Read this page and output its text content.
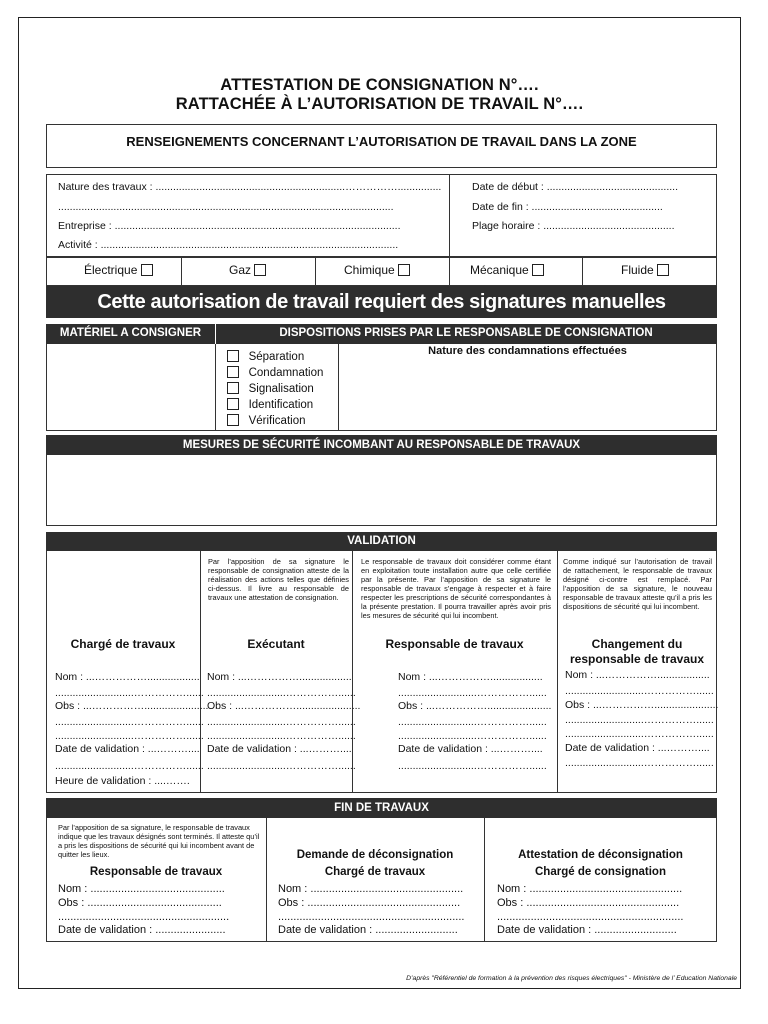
ATTESTATION DE CONSIGNATION N°….
RATTACHÉE À L’AUTORISATION DE TRAVAIL N°….
RENSEIGNEMENTS CONCERNANT L’AUTORISATION DE TRAVAIL DANS LA ZONE
Nature des travaux : .................................................................……………...............
...................................................................................................................
Entreprise : ..................................................................................................
Activité : ......................................................................................................
Date de début : .............................................
Date de fin : .............................................
Plage horaire : .............................................
Électrique	Gaz	Chimique	Mécanique	Fluide
Cette autorisation de travail requiert des signatures manuelles
MATÉRIEL A CONSIGNER	DISPOSITIONS PRISES PAR LE RESPONSABLE DE CONSIGNATION
Séparation
Condamnation
Signalisation
Identification
Vérification
Nature des condamnations effectuées
MESURES DE SÉCURITÉ INCOMBANT AU RESPONSABLE DE TRAVAUX
VALIDATION
Chargé de travaux
Nom : ...……………..................
...........................……………......
Obs : ...……………......................
...........................……………......
...........................……………......
Date de validation : ...………....
...........................……………......
Heure de validation : ....…….
Par l’apposition de sa signature le responsable de consignation atteste de la réalisation des actions telles que définies ci-dessus. Il livre au responsable de travaux une attestation de consignation.
Exécutant
Nom : ...……………..................
...........................……………......
Obs : ...……………......................
...........................……………......
...........................……………......
Date de validation : ...………....
...........................……………......
Le responsable de travaux doit considérer comme étant en exploitation toute installation autre que celle certifiée par la présente. Par l’apposition de sa signature le responsable de travaux s’engage à respecter et à faire respecter les prescriptions de sécurité correspondantes à la présente prestation. Il pourra travailler après avoir pris les mesures de sécurité qui lui incombent.
Responsable de travaux
Nom : ...……………..................
...........................……………......
Obs : ...……………......................
...........................……………......
...........................……………......
Date de validation : ...………....
...........................……………......
Comme indiqué sur l’autorisation de travail de rattachement, le responsable de travaux désigné ci-contre est remplacé. Par l’apposition de sa signature, le nouveau responsable de travaux atteste qu’il a pris les dispositions de sécurité qui lui incombent.
Changement du
responsable de travaux
Nom : ...……………..................
...........................……………......
Obs : ...……………......................
...........................……………......
...........................……………......
Date de validation : ...………....
...........................……………......
FIN DE TRAVAUX
Par l’apposition de sa signature, le responsable de travaux indique que les travaux désignés sont terminés. Il atteste qu’il a pris les dispositions de sécurité qui lui incombent avant de quitter les lieux.
Responsable de travaux
Nom : ............................................
Obs : ............................................
........................................................
Date de validation : .......................
Demande de déconsignation
Chargé de travaux
Nom : ..................................................
Obs : ..................................................
.............................................................
Date de validation : ...........................
Attestation de déconsignation
Chargé de consignation
Nom : ..................................................
Obs : ..................................................
.............................................................
Date de validation : ...........................
D’après "Référentiel de formation à la prévention des risques électriques" - Ministère de l’ Education Nationale
